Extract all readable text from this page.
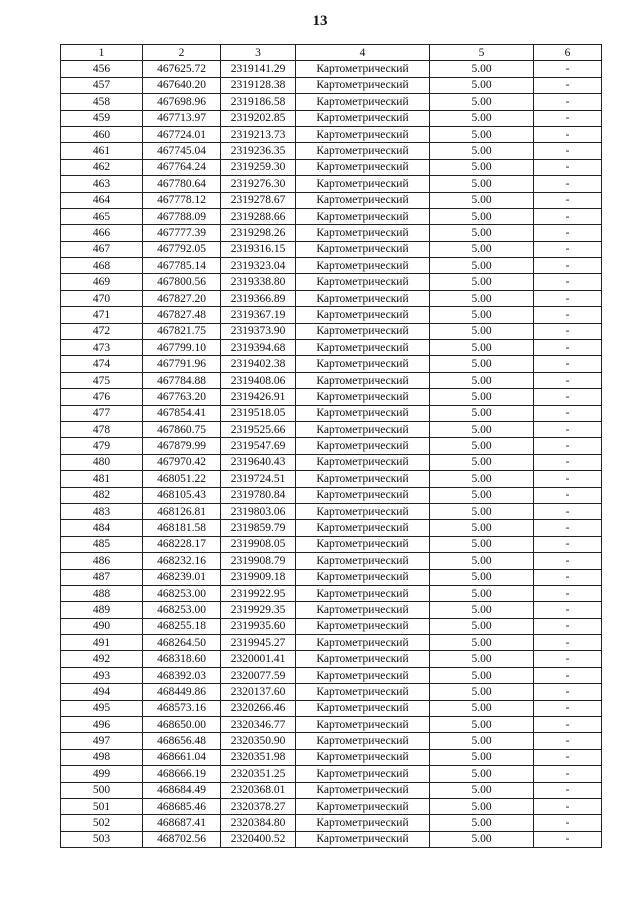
13
1	2	3	4	5	6
456	467625.72	2319141.29	Картометрический	5.00	-
457	467640.20	2319128.38	Картометрический	5.00	-
458	467698.96	2319186.58	Картометрический	5.00	-
459	467713.97	2319202.85	Картометрический	5.00	-
460	467724.01	2319213.73	Картометрический	5.00	-
461	467745.04	2319236.35	Картометрический	5.00	-
462	467764.24	2319259.30	Картометрический	5.00	-
463	467780.64	2319276.30	Картометрический	5.00	-
464	467778.12	2319278.67	Картометрический	5.00	-
465	467788.09	2319288.66	Картометрический	5.00	-
466	467777.39	2319298.26	Картометрический	5.00	-
467	467792.05	2319316.15	Картометрический	5.00	-
468	467785.14	2319323.04	Картометрический	5.00	-
469	467800.56	2319338.80	Картометрический	5.00	-
470	467827.20	2319366.89	Картометрический	5.00	-
471	467827.48	2319367.19	Картометрический	5.00	-
472	467821.75	2319373.90	Картометрический	5.00	-
473	467799.10	2319394.68	Картометрический	5.00	-
474	467791.96	2319402.38	Картометрический	5.00	-
475	467784.88	2319408.06	Картометрический	5.00	-
476	467763.20	2319426.91	Картометрический	5.00	-
477	467854.41	2319518.05	Картометрический	5.00	-
478	467860.75	2319525.66	Картометрический	5.00	-
479	467879.99	2319547.69	Картометрический	5.00	-
480	467970.42	2319640.43	Картометрический	5.00	-
481	468051.22	2319724.51	Картометрический	5.00	-
482	468105.43	2319780.84	Картометрический	5.00	-
483	468126.81	2319803.06	Картометрический	5.00	-
484	468181.58	2319859.79	Картометрический	5.00	-
485	468228.17	2319908.05	Картометрический	5.00	-
486	468232.16	2319908.79	Картометрический	5.00	-
487	468239.01	2319909.18	Картометрический	5.00	-
488	468253.00	2319922.95	Картометрический	5.00	-
489	468253.00	2319929.35	Картометрический	5.00	-
490	468255.18	2319935.60	Картометрический	5.00	-
491	468264.50	2319945.27	Картометрический	5.00	-
492	468318.60	2320001.41	Картометрический	5.00	-
493	468392.03	2320077.59	Картометрический	5.00	-
494	468449.86	2320137.60	Картометрический	5.00	-
495	468573.16	2320266.46	Картометрический	5.00	-
496	468650.00	2320346.77	Картометрический	5.00	-
497	468656.48	2320350.90	Картометрический	5.00	-
498	468661.04	2320351.98	Картометрический	5.00	-
499	468666.19	2320351.25	Картометрический	5.00	-
500	468684.49	2320368.01	Картометрический	5.00	-
501	468685.46	2320378.27	Картометрический	5.00	-
502	468687.41	2320384.80	Картометрический	5.00	-
503	468702.56	2320400.52	Картометрический	5.00	-
